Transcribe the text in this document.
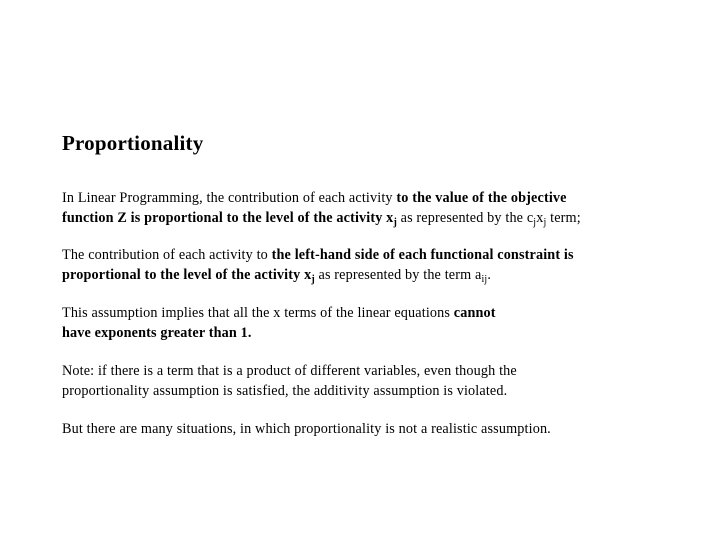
Proportionality

In Linear Programming, the contribution of each activity to the value of the objective
function Z is proportional to the level of the activity $x_j$ as represented by the $c_jx_j$ term;

The contribution of each activity to the left-hand side of each functional constraint is
proportional to the level of the activity $x_j$ as represented by the term $a_{ij}$.

This assumption implies that all the x terms of the linear equations cannot
have exponents greater than 1.

Note: if there is a term that is a product of different variables, even though the
proportionality assumption is satisfied, the additivity assumption is violated.

But there are many situations, in which proportionality is not a realistic assumption.
